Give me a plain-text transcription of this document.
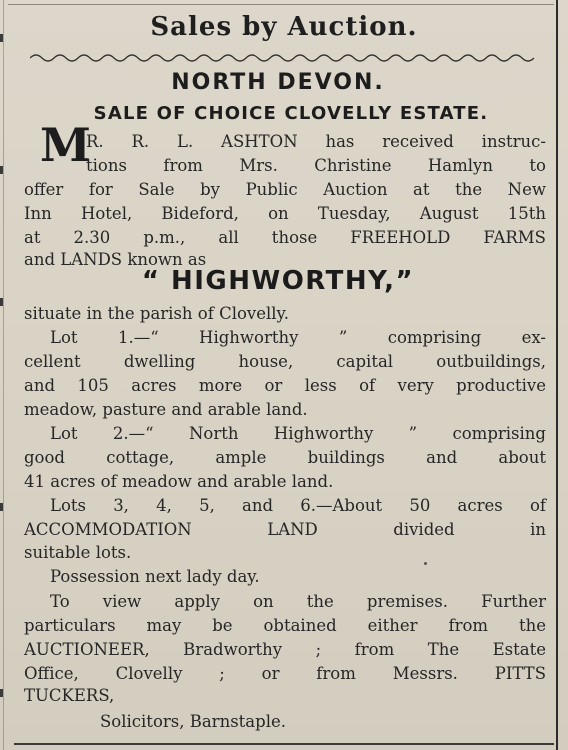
Sales by Auction.
NORTH DEVON.
SALE OF CHOICE CLOVELLY ESTATE.
M
R. R. L. ASHTON has received instruc-
tions from Mrs. Christine Hamlyn to
offer for Sale by Public Auction at the New
Inn Hotel, Bideford, on Tuesday, August 15th
at 2.30 p.m., all those FREEHOLD FARMS
and LANDS known as
“ HIGHWORTHY,”
situate in the parish of Clovelly.
Lot 1.—“ Highworthy ” comprising ex-
cellent dwelling house, capital outbuildings,
and 105 acres more or less of very productive
meadow, pasture and arable land.
Lot 2.—“ North Highworthy ” comprising
good cottage, ample buildings and about
41 acres of meadow and arable land.
Lots 3, 4, 5, and 6.—About 50 acres of
ACCOMMODATION LAND divided in
suitable lots.
Possession next lady day.
To view apply on the premises. Further
particulars may be obtained either from the
AUCTIONEER, Bradworthy ; from The Estate
Office, Clovelly ; or from Messrs. PITTS
TUCKERS,
Solicitors, Barnstaple.
